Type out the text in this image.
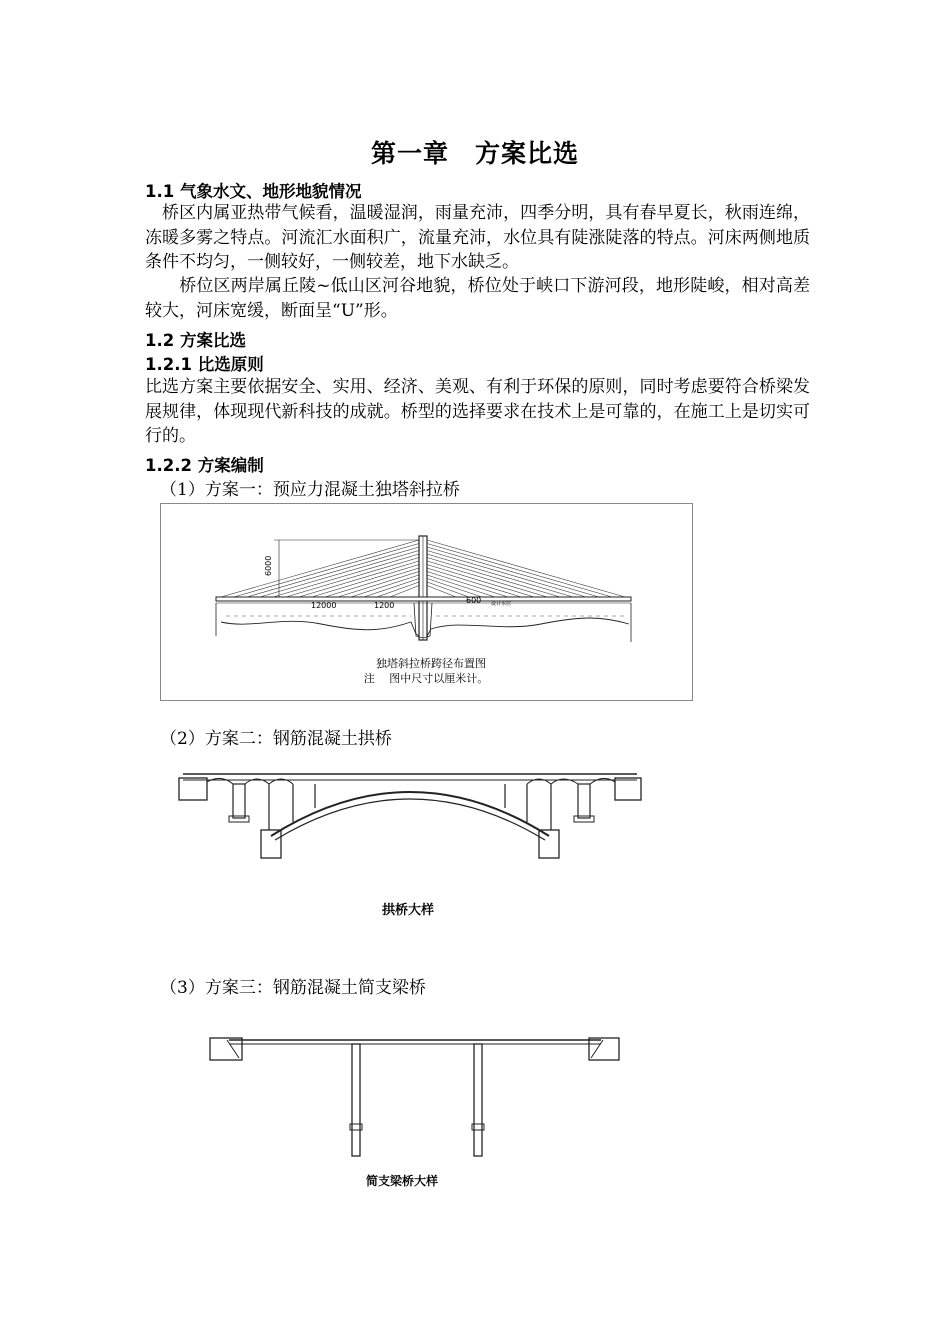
第一章　方案比选
1.1 气象水文、地形地貌情况
　桥区内属亚热带气候看，温暖湿润，雨量充沛，四季分明，具有春早夏长，秋雨连绵，冻暖多雾之特点。河流汇水面积广，流量充沛，水位具有陡涨陡落的特点。河床两侧地质条件不均匀，一侧较好，一侧较差，地下水缺乏。
　　桥位区两岸属丘陵~低山区河谷地貌，桥位处于峡口下游河段，地形陡峻，相对高差较大，河床宽缓，断面呈“U”形。
1.2 方案比选
1.2.1 比选原则
比选方案主要依据安全、实用、经济、美观、有利于环保的原则，同时考虑要符合桥梁发展规律，体现现代新科技的成就。桥型的选择要求在技术上是可靠的，在施工上是切实可行的。
1.2.2 方案编制
（1）方案一：预应力混凝土独塔斜拉桥
6000
12000	1200
600 设计水位
独塔斜拉桥跨径布置图
注　 图中尺寸以厘米计。
（2）方案二：钢筋混凝土拱桥
拱桥大样
（3）方案三：钢筋混凝土简支梁桥
简支梁桥大样
